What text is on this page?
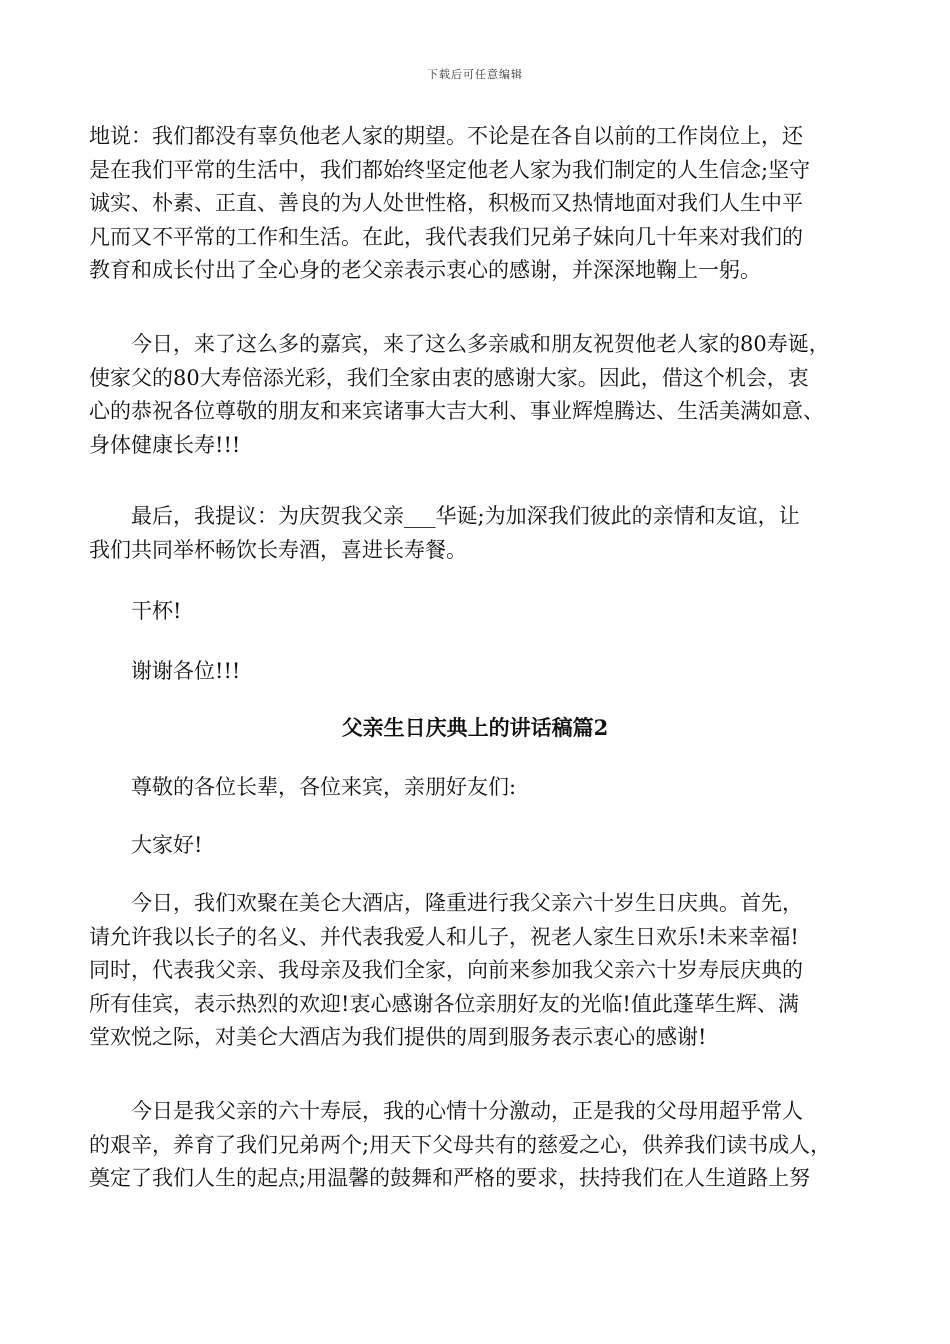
下载后可任意编辑
地说：我们都没有辜负他老人家的期望。不论是在各自以前的工作岗位上，还
是在我们平常的生活中，我们都始终坚定他老人家为我们制定的人生信念;坚守
诚实、朴素、正直、善良的为人处世性格，积极而又热情地面对我们人生中平
凡而又不平常的工作和生活。在此，我代表我们兄弟子妹向几十年来对我们的
教育和成长付出了全心身的老父亲表示衷心的感谢，并深深地鞠上一躬。
　　今日，来了这么多的嘉宾，来了这么多亲戚和朋友祝贺他老人家的80寿诞，
使家父的80大寿倍添光彩，我们全家由衷的感谢大家。因此，借这个机会，衷
心的恭祝各位尊敬的朋友和来宾诸事大吉大利、事业辉煌腾达、生活美满如意、
身体健康长寿!!!
　　最后，我提议：为庆贺我父亲___华诞;为加深我们彼此的亲情和友谊，让
我们共同举杯畅饮长寿酒，喜进长寿餐。
　　干杯!
　　谢谢各位!!!
父亲生日庆典上的讲话稿篇2
　　尊敬的各位长辈，各位来宾，亲朋好友们:
　　大家好!
　　今日，我们欢聚在美仑大酒店，隆重进行我父亲六十岁生日庆典。首先，
请允许我以长子的名义、并代表我爱人和儿子，祝老人家生日欢乐!未来幸福!
同时，代表我父亲、我母亲及我们全家，向前来参加我父亲六十岁寿辰庆典的
所有佳宾，表示热烈的欢迎!衷心感谢各位亲朋好友的光临!值此蓬荜生辉、满
堂欢悦之际，对美仑大酒店为我们提供的周到服务表示衷心的感谢!
　　今日是我父亲的六十寿辰，我的心情十分激动，正是我的父母用超乎常人
的艰辛，养育了我们兄弟两个;用天下父母共有的慈爱之心，供养我们读书成人，
奠定了我们人生的起点;用温馨的鼓舞和严格的要求，扶持我们在人生道路上努
